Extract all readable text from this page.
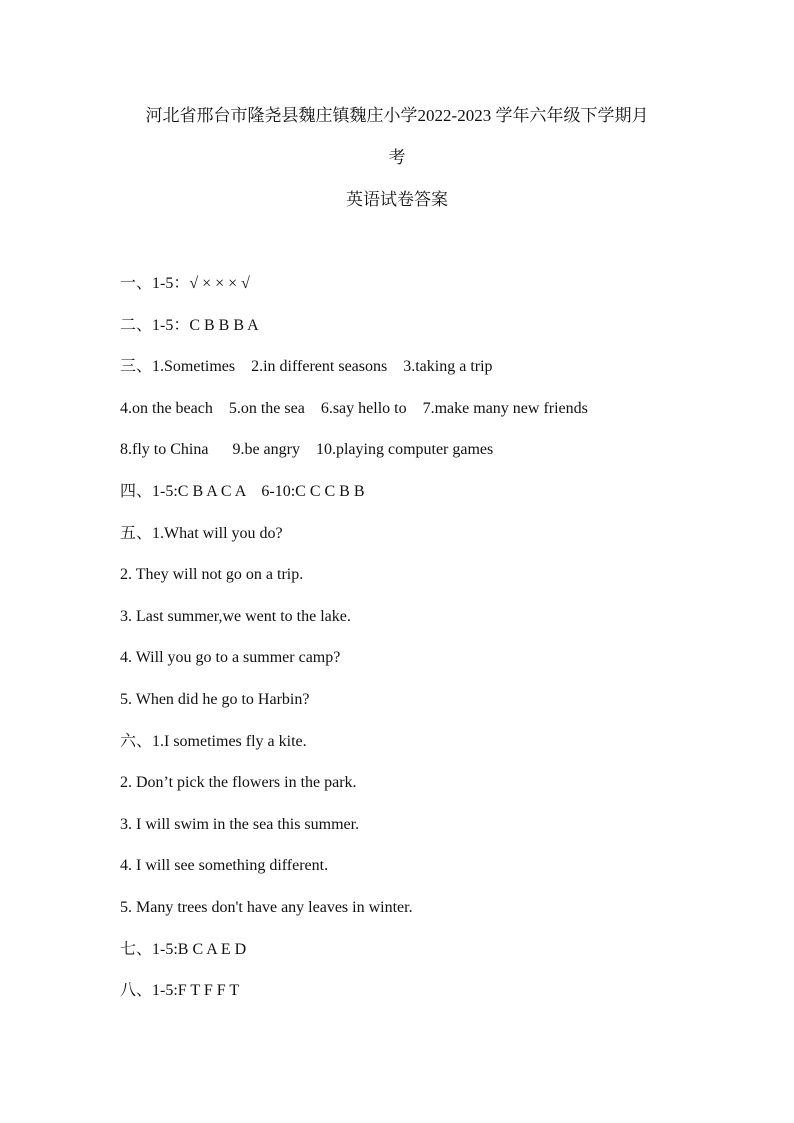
河北省邢台市隆尧县魏庄镇魏庄小学2022-2023 学年六年级下学期月
考
英语试卷答案
一、1-5：√ × × × √
二、1-5：C B B B A
三、1.Sometimes    2.in different seasons    3.taking a trip
4.on the beach    5.on the sea    6.say hello to    7.make many new friends
8.fly to China      9.be angry    10.playing computer games
四、1-5:C B A C A    6-10:C C C B B
五、1.What will you do?
2. They will not go on a trip.
3. Last summer,we went to the lake.
4. Will you go to a summer camp?
5. When did he go to Harbin?
六、1.I sometimes fly a kite.
2. Don’t pick the flowers in the park.
3. I will swim in the sea this summer.
4. I will see something different.
5. Many trees don't have any leaves in winter.
七、1-5:B C A E D
八、1-5:F T F F T
